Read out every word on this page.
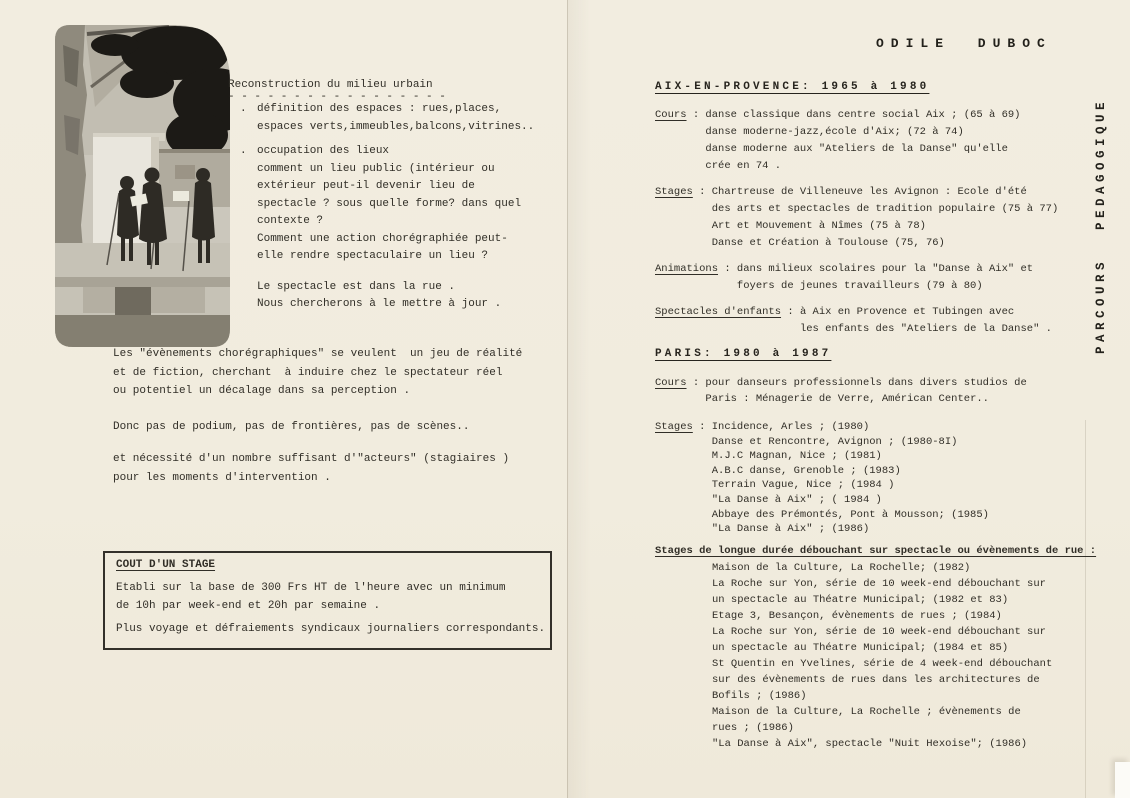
Reconstruction du milieu urbain
- - - - - - - - - - - - - - - - -
. définition des espaces : rues,places,
espaces verts,immeubles,balcons,vitrines..
. occupation des lieux
comment un lieu public (intérieur ou
extérieur peut-il devenir lieu de
spectacle ? sous quelle forme? dans quel
contexte ?
Comment une action chorégraphiée peut-
elle rendre spectaculaire un lieu ?
Le spectacle est dans la rue .
Nous chercherons à le mettre à jour .
Les "évènements chorégraphiques" se veulent  un jeu de réalité
et de fiction, cherchant  à induire chez le spectateur réel
ou potentiel un décalage dans sa perception .
Donc pas de podium, pas de frontières, pas de scènes..
et nécessité d'un nombre suffisant d'"acteurs" (stagiaires )
pour les moments d'intervention .
COUT D'UN STAGE
Etabli sur la base de 300 Frs HT de l'heure avec un minimum
de 10h par week-end et 20h par semaine .
Plus voyage et défraiements syndicaux journaliers correspondants.
ODILE DUBOC
PARCOURS PEDAGOGIQUE
AIX-EN-PROVENCE: 1965 à 1980
Cours : danse classique dans centre social Aix ; (65 à 69)
danse moderne-jazz,école d'Aix; (72 à 74)
danse moderne aux "Ateliers de la Danse" qu'elle
crée en 74 .
Stages : Chartreuse de Villeneuve les Avignon : Ecole d'été
des arts et spectacles de tradition populaire (75 à 77)
Art et Mouvement à Nîmes (75 à 78)
Danse et Création à Toulouse (75, 76)
Animations : dans milieux scolaires pour la "Danse à Aix" et
foyers de jeunes travailleurs (79 à 80)
Spectacles d'enfants : à Aix en Provence et Tubingen avec
les enfants des "Ateliers de la Danse" .
PARIS: 1980 à 1987
Cours : pour danseurs professionnels dans divers studios de
Paris : Ménagerie de Verre, Américan Center..
Stages : Incidence, Arles ; (1980)
Danse et Rencontre, Avignon ; (1980-8I)
M.J.C Magnan, Nice ; (1981)
A.B.C danse, Grenoble ; (1983)
Terrain Vague, Nice ; (1984 )
"La Danse à Aix" ; ( 1984 )
Abbaye des Prémontés, Pont à Mousson; (1985)
"La Danse à Aix" ; (1986)
Stages de longue durée débouchant sur spectacle ou évènements de rue :
Maison de la Culture, La Rochelle; (1982)
La Roche sur Yon, série de 10 week-end débouchant sur
un spectacle au Théatre Municipal; (1982 et 83)
Etage 3, Besançon, évènements de rues ; (1984)
La Roche sur Yon, série de 10 week-end débouchant sur
un spectacle au Théatre Municipal; (1984 et 85)
St Quentin en Yvelines, série de 4 week-end débouchant
sur des évènements de rues dans les architectures de
Bofils ; (1986)
Maison de la Culture, La Rochelle ; évènements de
rues ; (1986)
"La Danse à Aix", spectacle "Nuit Hexoise"; (1986)
